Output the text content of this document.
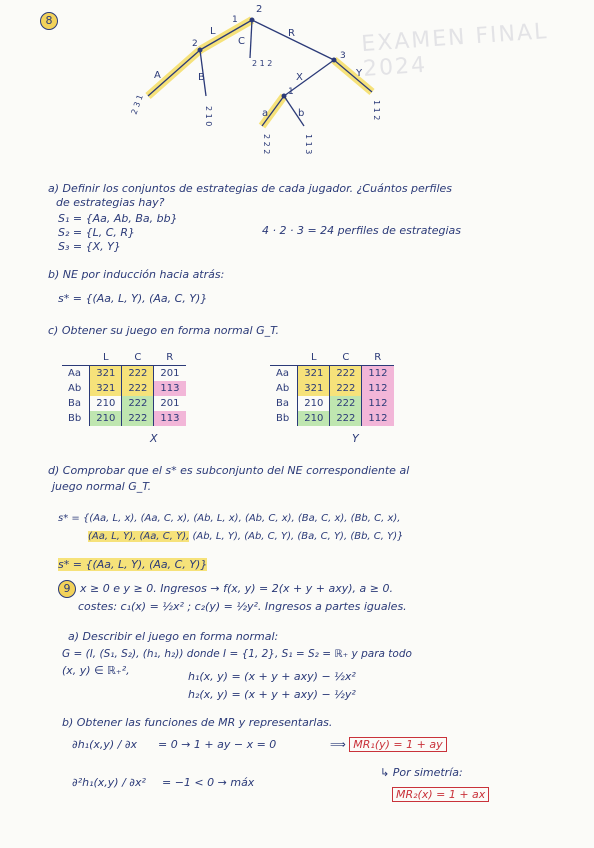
EXAMEN FINAL 2024
8
2
1
L
C
R
2
A	B
2 1 2
3
X	Y
1
a	b
2 3 1
2 1 0
2 2 2	1 1 3
1 1 2
a) Definir los conjuntos de estrategias de cada jugador. ¿Cuántos perfiles
de estrategias hay?
S₁ = {Aa, Ab, Ba, bb}
S₂ = {L, C, R}
S₃ = {X, Y}
4 · 2 · 3 = 24 perfiles de estrategias
b) NE por inducción hacia atrás:
s* = {(Aa, L, Y), (Aa, C, Y)}
c) Obtener su juego en forma normal G_T.
	L	C	R
Aa	321	222	201
Ab	321	222	113
Ba	210	222	201
Bb	210	222	113
X
	L	C	R
Aa	321	222	112
Ab	321	222	112
Ba	210	222	112
Bb	210	222	112
Y
d) Comprobar que el s* es subconjunto del NE correspondiente al
juego normal G_T.
s* = {(Aa, L, x), (Aa, C, x), (Ab, L, x), (Ab, C, x), (Ba, C, x), (Bb, C, x),
(Aa, L, Y), (Aa, C, Y), (Ab, L, Y), (Ab, C, Y), (Ba, C, Y), (Bb, C, Y)}
s* = {(Aa, L, Y), (Aa, C, Y)}
9 x ≥ 0 e y ≥ 0. Ingresos → f(x, y) = 2(x + y + axy), a ≥ 0.
costes: c₁(x) = ½x² ; c₂(y) = ½y². Ingresos a partes iguales.
a) Describir el juego en forma normal:
G = (I, (S₁, S₂), (h₁, h₂)) donde I = {1, 2}, S₁ = S₂ = ℝ₊ y para todo
(x, y) ∈ ℝ₊²,	h₁(x, y) = (x + y + axy) − ½x²
h₂(x, y) = (x + y + axy) − ½y²
b) Obtener las funciones de MR y representarlas.
∂h₁(x,y) / ∂x = 0 → 1 + ay − x = 0	⟹ MR₁(y) = 1 + ay
∂²h₁(x,y) / ∂x² = −1 < 0 → máx
↳ Por simetría:
MR₂(x) = 1 + ax
